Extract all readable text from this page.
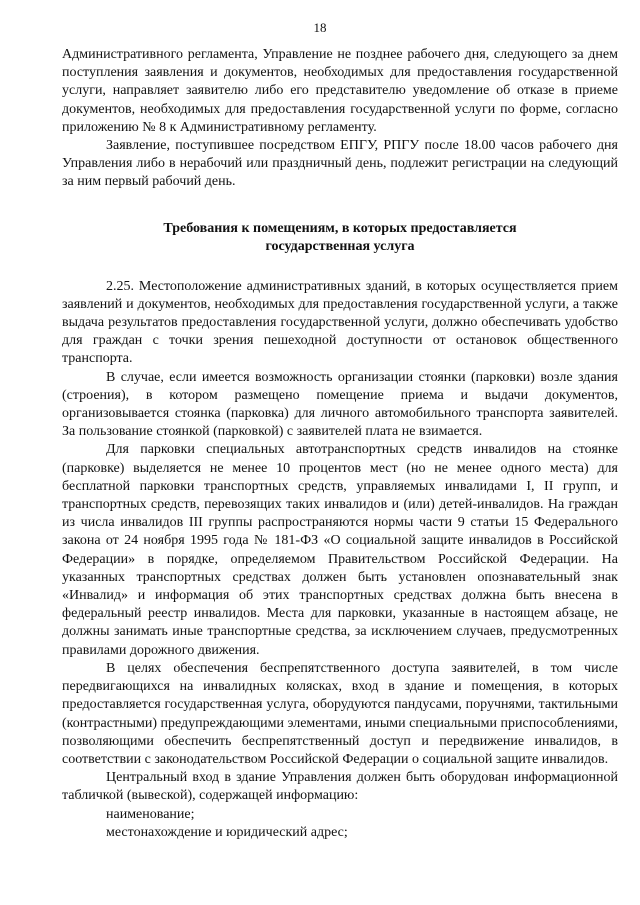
18

Административного регламента, Управление не позднее рабочего дня, следующего за днем поступления заявления и документов, необходимых для предоставления государственной услуги, направляет заявителю либо его представителю уведомление об отказе в приеме документов, необходимых для предоставления государственной услуги по форме, согласно приложению № 8 к Административному регламенту.

Заявление, поступившее посредством ЕПГУ, РПГУ после 18.00 часов рабочего дня Управления либо в нерабочий или праздничный день, подлежит регистрации на следующий за ним первый рабочий день.

Требования к помещениям, в которых предоставляется
государственная услуга

2.25. Местоположение административных зданий, в которых осуществляется прием заявлений и документов, необходимых для предоставления государственной услуги, а также выдача результатов предоставления государственной услуги, должно обеспечивать удобство для граждан с точки зрения пешеходной доступности от остановок общественного транспорта.

В случае, если имеется возможность организации стоянки (парковки) возле здания (строения), в котором размещено помещение приема и выдачи документов, организовывается стоянка (парковка) для личного автомобильного транспорта заявителей. За пользование стоянкой (парковкой) с заявителей плата не взимается.

Для парковки специальных автотранспортных средств инвалидов на стоянке (парковке) выделяется не менее 10 процентов мест (но не менее одного места) для бесплатной парковки транспортных средств, управляемых инвалидами I, II групп, и транспортных средств, перевозящих таких инвалидов и (или) детей-инвалидов. На граждан из числа инвалидов III группы распространяются нормы части 9 статьи 15 Федерального закона от 24 ноября 1995 года № 181-ФЗ «О социальной защите инвалидов в Российской Федерации» в порядке, определяемом Правительством Российской Федерации. На указанных транспортных средствах должен быть установлен опознавательный знак «Инвалид» и информация об этих транспортных средствах должна быть внесена в федеральный реестр инвалидов. Места для парковки, указанные в настоящем абзаце, не должны занимать иные транспортные средства, за исключением случаев, предусмотренных правилами дорожного движения.

В целях обеспечения беспрепятственного доступа заявителей, в том числе передвигающихся на инвалидных колясках, вход в здание и помещения, в которых предоставляется государственная услуга, оборудуются пандусами, поручнями, тактильными (контрастными) предупреждающими элементами, иными специальными приспособлениями, позволяющими обеспечить беспрепятственный доступ и передвижение инвалидов, в соответствии с законодательством Российской Федерации о социальной защите инвалидов.

Центральный вход в здание Управления должен быть оборудован информационной табличкой (вывеской), содержащей информацию:

наименование;

местонахождение и юридический адрес;
